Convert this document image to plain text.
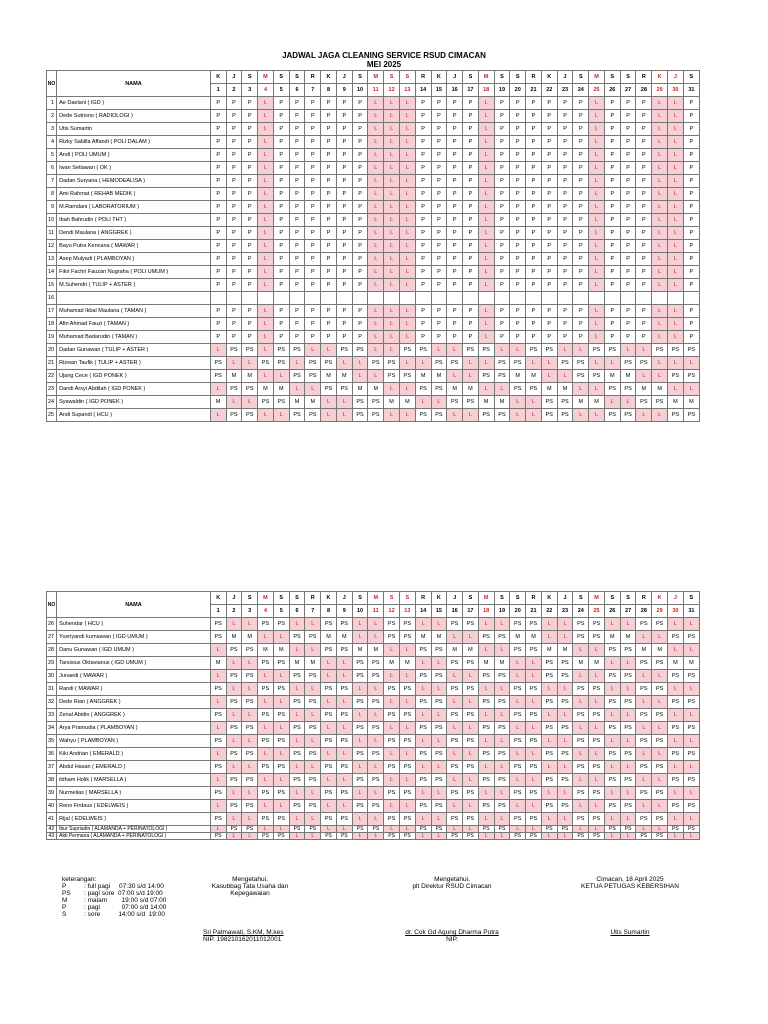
JADWAL JAGA CLEANING SERVICE RSUD CIMACAN
MEI 2025
NO	NAMA	K	J	S	M	S	S	R	K	J	S	M	S	S	R	K	J	S	M	S	S	R	K	J	S	M	S	S	R	K	J	S
		1	2	3	4	5	6	7	8	9	10	11	12	13	14	15	16	17	18	19	20	21	22	23	24	25	26	27	28	29	30	31
1	Ae Daelani ( IGD )	P	P	P	L	P	P	P	P	P	P	L	L	L	P	P	P	P	L	P	P	P	P	P	P	L	P	P	P	L	L	P
2	Dede Sutrisno ( RADIOLOGI )	P	P	P	L	P	P	P	P	P	P	L	L	L	P	P	P	P	L	P	P	P	P	P	P	L	P	P	P	L	L	P
3	Utis Sumartin	P	P	P	L	P	P	P	P	P	P	L	L	L	P	P	P	P	L	P	P	P	P	P	P	L	P	P	P	L	L	P
4	Rizky Sabilla Affandi ( POLI DALAM )	P	P	P	L	P	P	P	P	P	P	L	L	L	P	P	P	P	L	P	P	P	P	P	P	L	P	P	P	L	L	P
5	Andi ( POLI UMUM )	P	P	P	L	P	P	P	P	P	P	L	L	L	P	P	P	P	L	P	P	P	P	P	P	L	P	P	P	L	L	P
6	Iwan Setiawan ( OK )	P	P	P	L	P	P	P	P	P	P	L	L	L	P	P	P	P	L	P	P	P	P	P	P	L	P	P	P	L	L	P
7	Dadan Suryana ( HEMODEALISA )	P	P	P	L	P	P	P	P	P	P	L	L	L	P	P	P	P	L	P	P	P	P	P	P	L	P	P	P	L	L	P
8	Ami Rahmat ( REHAB MEDIK )	P	P	P	L	P	P	P	P	P	P	L	L	L	P	P	P	P	L	P	P	P	P	P	P	L	P	P	P	L	L	P
9	M.Ramdani ( LABORATORIUM )	P	P	P	L	P	P	P	P	P	P	L	L	L	P	P	P	P	L	P	P	P	P	P	P	L	P	P	P	L	L	P
10	Ibah Bahrudin ( POLI THT )	P	P	P	L	P	P	P	P	P	P	L	L	L	P	P	P	P	L	P	P	P	P	P	P	L	P	P	P	L	L	P
11	Dendi Maulana ( ANGGREK )	P	P	P	L	P	P	P	P	P	P	L	L	L	P	P	P	P	L	P	P	P	P	P	P	L	P	P	P	L	L	P
12	Bayu Putra Kencana ( MAWAR )	P	P	P	L	P	P	P	P	P	P	L	L	L	P	P	P	P	L	P	P	P	P	P	P	L	P	P	P	L	L	P
13	Asep Mulyadi ( PLAMBOYAN )	P	P	P	L	P	P	P	P	P	P	L	L	L	P	P	P	P	L	P	P	P	P	P	P	L	P	P	P	L	L	P
14	Fikri Fachri Fauzan Nugraha ( POLI UMUM )	P	P	P	L	P	P	P	P	P	P	L	L	L	P	P	P	P	L	P	P	P	P	P	P	L	P	P	P	L	L	P
15	M.Suhendri ( TULIP + ASTER )	P	P	P	L	P	P	P	P	P	P	L	L	L	P	P	P	P	L	P	P	P	P	P	P	L	P	P	P	L	L	P
16																																
17	Muhamad Ikbal Maulana ( TAMAN )	P	P	P	L	P	P	P	P	P	P	L	L	L	P	P	P	P	L	P	P	P	P	P	P	L	P	P	P	L	L	P
18	Afin Ahmad Fauzi ( TAMAN )	P	P	P	L	P	P	P	P	P	P	L	L	L	P	P	P	P	L	P	P	P	P	P	P	L	P	P	P	L	L	P
19	Muhamad Badarudin ( TAMAN )	P	P	P	L	P	P	P	P	P	P	L	L	L	P	P	P	P	L	P	P	P	P	P	P	L	P	P	P	L	L	P
20	Dadan Gunawan ( TULIP + ASTER )	L	PS	PS	L	PS	PS	L	L	PS	PS	L	L	PS	PS	L	L	PS	PS	L	L	PS	PS	L	L	PS	PS	L	L	PS	PS	PS
21	Rizwan Taufik ( TULIP + ASTER )	PS	L	L	PS	PS	L	PS	PS	L	L	PS	PS	L	L	PS	PS	L	L	PS	PS	L	L	PS	PS	L	L	PS	PS	L	L	L
22	Ujang Cece ( IGD PONEK )	PS	M	M	L	L	PS	PS	M	M	L	L	PS	PS	M	M	L	L	PS	PS	M	M	L	L	PS	PS	M	M	L	L	PS	PS
23	Dandi Arsyi Abdilah ( IGD PONEK )	L	PS	PS	M	M	L	L	PS	PS	M	M	L	L	PS	PS	M	M	L	L	PS	PS	M	M	L	L	PS	PS	M	M	L	L
24	Syawaldin ( IGD PONEK )	M	L	L	PS	PS	M	M	L	L	PS	PS	M	M	L	L	PS	PS	M	M	L	L	PS	PS	M	M	L	L	PS	PS	M	M
25	Andi Supandi ( HCU )	L	PS	PS	L	L	PS	PS	L	L	PS	PS	L	L	PS	PS	L	L	PS	PS	L	L	PS	PS	L	L	PS	PS	L	L	PS	PS
NO	NAMA	K	J	S	M	S	S	R	K	J	S	M	S	S	R	K	J	S	M	S	S	R	K	J	S	M	S	S	R	K	J	S
		1	2	3	4	5	6	7	8	9	10	11	12	13	14	15	16	17	18	19	20	21	22	23	24	25	26	27	28	29	30	31
26	Suhendar ( HCU )	PS	L	L	PS	PS	L	L	PS	PS	L	L	PS	PS	L	L	PS	PS	L	L	PS	PS	L	L	PS	PS	L	L	PS	PS	L	L
27	Yusriyandi kurniawan ( IGD UMUM )	PS	M	M	L	L	PS	PS	M	M	L	L	PS	PS	M	M	L	L	PS	PS	M	M	L	L	PS	PS	M	M	L	L	PS	PS
28	Danu Gunawan ( IGD UMUM )	L	PS	PS	M	M	L	L	PS	PS	M	M	L	L	PS	PS	M	M	L	L	PS	PS	M	M	L	L	PS	PS	M	M	L	L
29	Tarsisius Oktavianus ( IGD UMUM )	M	L	L	PS	PS	M	M	L	L	PS	PS	M	M	L	L	PS	PS	M	M	L	L	PS	PS	M	M	L	L	PS	PS	M	M
30	Junaedi ( MAWAR )	L	PS	PS	L	L	PS	PS	L	L	PS	PS	L	L	PS	PS	L	L	PS	PS	L	L	PS	PS	L	L	PS	PS	L	L	PS	PS
31	Randi ( MAWAR )	PS	L	L	PS	PS	L	L	PS	PS	L	L	PS	PS	L	L	PS	PS	L	L	PS	PS	L	L	PS	PS	L	L	PS	PS	L	L
32	Dede Rian ( ANGGREK )	L	PS	PS	L	L	PS	PS	L	L	PS	PS	L	L	PS	PS	L	L	PS	PS	L	L	PS	PS	L	L	PS	PS	L	L	PS	PS
33	Zenal Abidin ( ANGGREK )	PS	L	L	PS	PS	L	L	PS	PS	L	L	PS	PS	L	L	PS	PS	L	L	PS	PS	L	L	PS	PS	L	L	PS	PS	L	L
34	Arya Pramudia ( PLAMBOYAN )	L	PS	PS	L	L	PS	PS	L	L	PS	PS	L	L	PS	PS	L	L	PS	PS	L	L	PS	PS	L	L	PS	PS	L	L	PS	PS
35	Wahyu ( PLAMBOYAN )	PS	L	L	PS	PS	L	L	PS	PS	L	L	PS	PS	L	L	PS	PS	L	L	PS	PS	L	L	PS	PS	L	L	PS	PS	L	L
36	Kiki Andrian ( EMERALD )	L	PS	PS	L	L	PS	PS	L	L	PS	PS	L	L	PS	PS	L	L	PS	PS	L	L	PS	PS	L	L	PS	PS	L	L	PS	PS
37	Abdul Hasan ( EMERALD )	PS	L	L	PS	PS	L	L	PS	PS	L	L	PS	PS	L	L	PS	PS	L	L	PS	PS	L	L	PS	PS	L	L	PS	PS	L	L
38	ildham Holik ( MARSELLA )	L	PS	PS	L	L	PS	PS	L	L	PS	PS	L	L	PS	PS	L	L	PS	PS	L	L	PS	PS	L	L	PS	PS	L	L	PS	PS
39	Nurmelias ( MARSELLA )	PS	L	L	PS	PS	L	L	PS	PS	L	L	PS	PS	L	L	PS	PS	L	L	PS	PS	L	L	PS	PS	L	L	PS	PS	L	L
40	Reno Firdaus ( EDELWEIS )	L	PS	PS	L	L	PS	PS	L	L	PS	PS	L	L	PS	PS	L	L	PS	PS	L	L	PS	PS	L	L	PS	PS	L	L	PS	PS
41	Rijal ( EDELWEIS )	PS	L	L	PS	PS	L	L	PS	PS	L	L	PS	PS	L	L	PS	PS	L	L	PS	PS	L	L	PS	PS	L	L	PS	PS	L	L
42	Ibur Supriadin ( ALAMANDA + PERINATOLOGI )	L	PS	PS	L	L	PS	PS	L	L	PS	PS	L	L	PS	PS	L	L	PS	PS	L	L	PS	PS	L	L	PS	PS	L	L	PS	PS
43	Aldi Permana ( ALAMANDA + PERINATOLOGI )	PS	L	L	PS	PS	L	L	PS	PS	L	L	PS	PS	L	L	PS	PS	L	L	PS	PS	L	L	PS	PS	L	L	PS	PS	L	L
keterangan:
P	: full pagi     07:30 s/d 14:00
PS	: pagi sore  07:00 s/d 19:00
M	: malam        19:00 s/d 07:00
P	: pagi            07:00 s/d 14:00
S	: sore          14:00 s/d  19:00
Mengetahui,
Kasubbag Tata Usaha dan
Kepegawaian
Sri Patmawati, S.KM, M.kes
NIP. 198210162011012001
Mengetahui,
plt Direktur RSUD Cimacan
dr. Cok Gd Agung Dharma Putra
NIP.
Cimacan, 18 April 2025
KETUA PETUGAS KEBERSIHAN
Utis Sumartin
